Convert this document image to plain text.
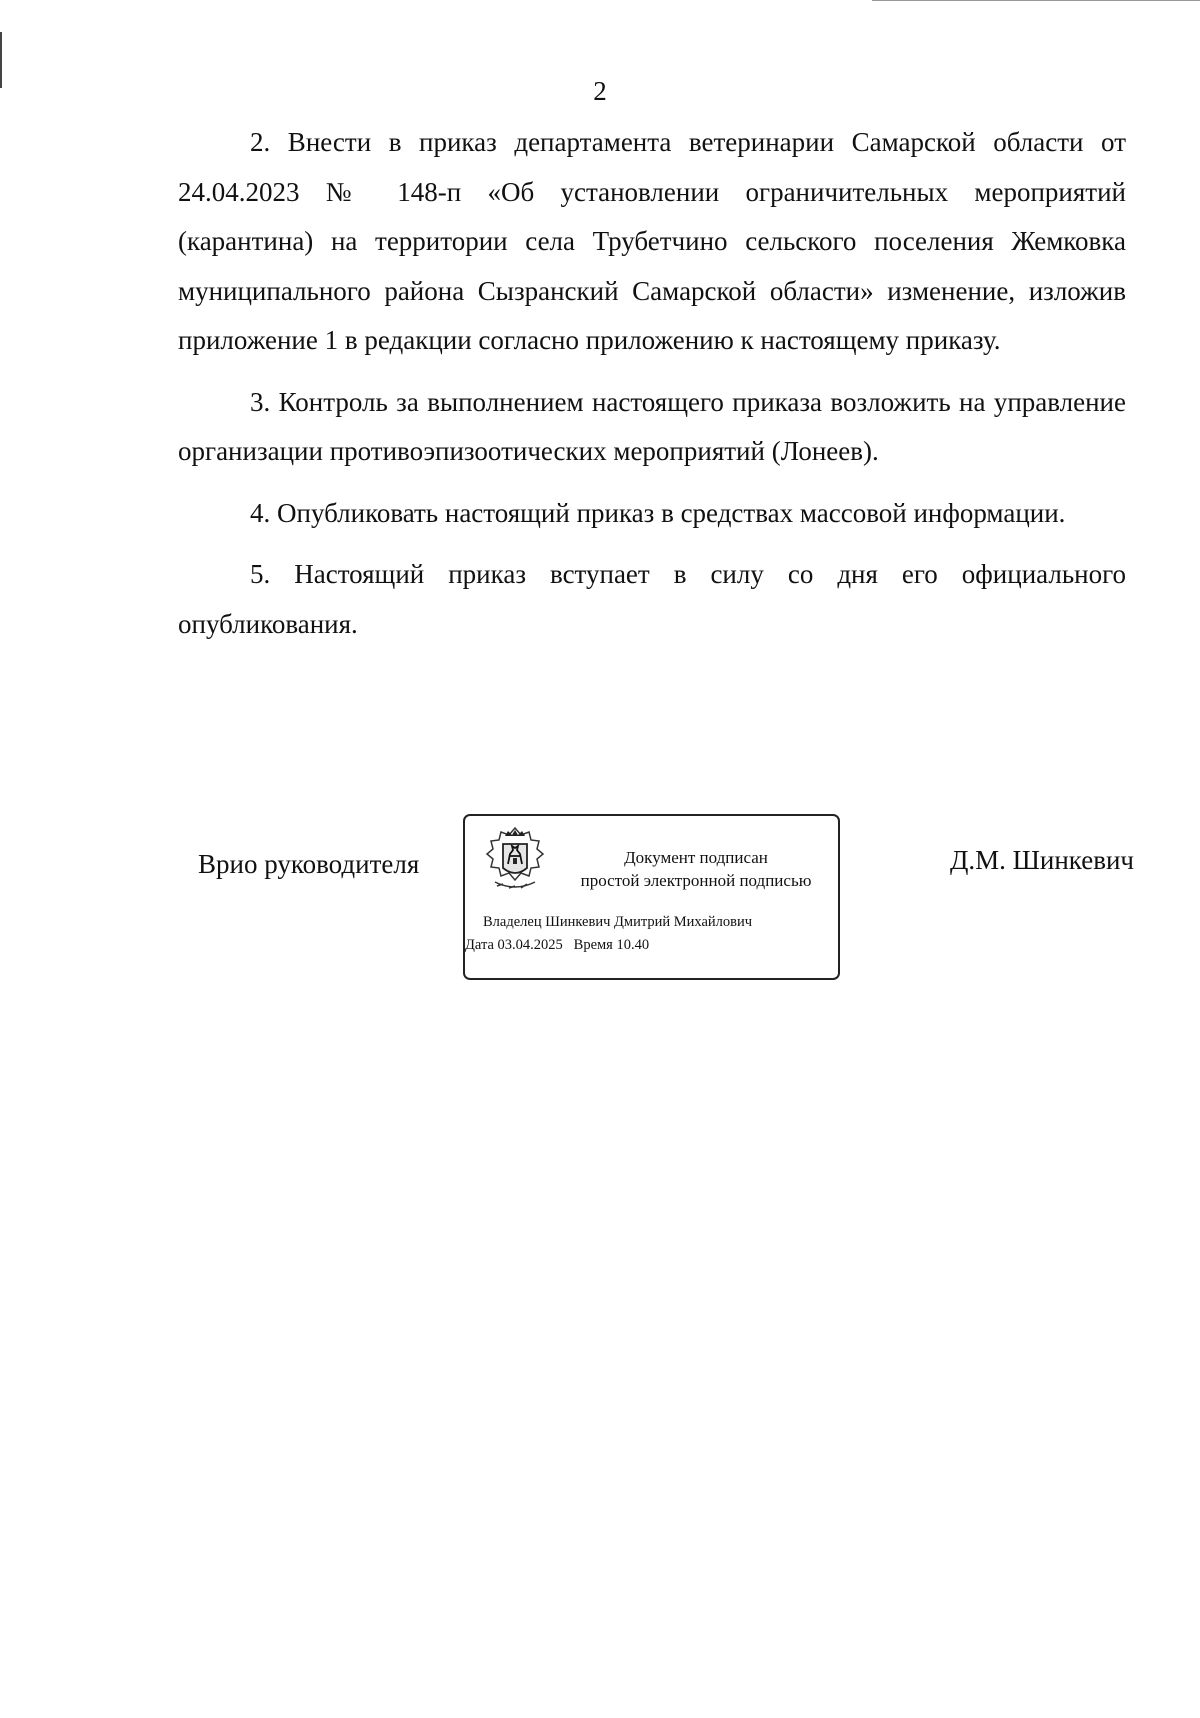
2

2. Внести в приказ департамента ветеринарии Самарской области от 24.04.2023 № 148-п «Об установлении ограничительных мероприятий (карантина) на территории села Трубетчино сельского поселения Жемковка муниципального района Сызранский Самарской области» изменение, изложив приложение 1 в редакции согласно приложению к настоящему приказу.

3. Контроль за выполнением настоящего приказа возложить на управление организации противоэпизоотических мероприятий (Лонеев).

4. Опубликовать настоящий приказ в средствах массовой информации.

5. Настоящий приказ вступает в силу со дня его официального опубликования.

Врио руководителя	Документ подписан
простой электронной подписью
Владелец Шинкевич Дмитрий Михайлович
Дата 03.04.2025   Время 10.40
Д.М. Шинкевич
